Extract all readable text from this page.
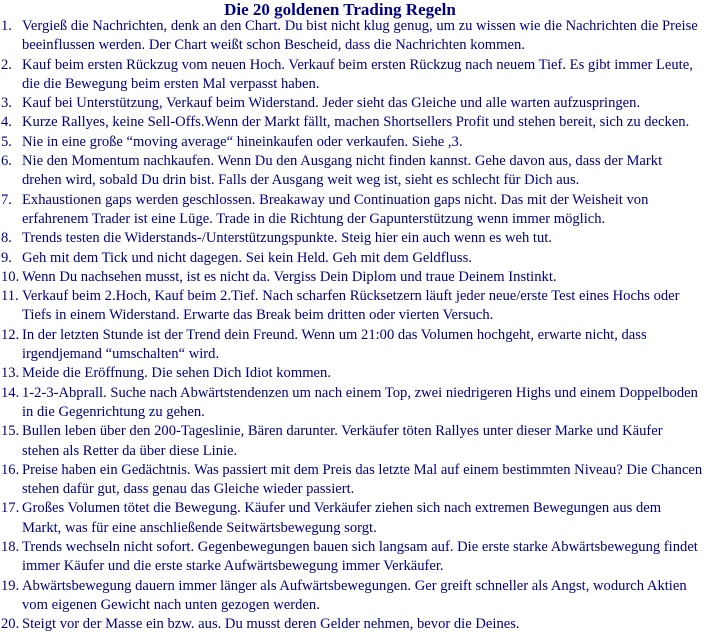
Die 20 goldenen Trading Regeln
1. Vergieß die Nachrichten, denk an den Chart. Du bist nicht klug genug, um zu wissen wie die Nachrichten die Preise
beeinflussen werden. Der Chart weißt schon Bescheid, dass die Nachrichten kommen.
2. Kauf beim ersten Rückzug vom neuen Hoch. Verkauf beim ersten Rückzug nach neuem Tief. Es gibt immer Leute,
die die Bewegung beim ersten Mal verpasst haben.
3. Kauf bei Unterstützung, Verkauf beim Widerstand. Jeder sieht das Gleiche und alle warten aufzuspringen.
4. Kurze Rallyes, keine Sell-Offs.Wenn der Markt fällt, machen Shortsellers Profit und stehen bereit, sich zu decken.
5. Nie in eine große “moving average“ hineinkaufen oder verkaufen. Siehe ,3.
6. Nie den Momentum nachkaufen. Wenn Du den Ausgang nicht finden kannst. Gehe davon aus, dass der Markt
drehen wird, sobald Du drin bist. Falls der Ausgang weit weg ist, sieht es schlecht für Dich aus.
7. Exhaustionen gaps werden geschlossen. Breakaway und Continuation gaps nicht. Das mit der Weisheit von
erfahrenem Trader ist eine Lüge. Trade in die Richtung der Gapunterstützung wenn immer möglich.
8. Trends testen die Widerstands-/Unterstützungspunkte. Steig hier ein auch wenn es weh tut.
9. Geh mit dem Tick und nicht dagegen. Sei kein Held. Geh mit dem Geldfluss.
10. Wenn Du nachsehen musst, ist es nicht da. Vergiss Dein Diplom und traue Deinem Instinkt.
11. Verkauf beim 2.Hoch, Kauf beim 2.Tief. Nach scharfen Rücksetzern läuft jeder neue/erste Test eines Hochs oder
Tiefs in einem Widerstand. Erwarte das Break beim dritten oder vierten Versuch.
12. In der letzten Stunde ist der Trend dein Freund. Wenn um 21:00 das Volumen hochgeht, erwarte nicht, dass
irgendjemand “umschalten“ wird.
13. Meide die Eröffnung. Die sehen Dich Idiot kommen.
14. 1-2-3-Abprall. Suche nach Abwärtstendenzen um nach einem Top, zwei niedrigeren Highs und einem Doppelboden
in die Gegenrichtung zu gehen.
15. Bullen leben über den 200-Tageslinie, Bären darunter. Verkäufer töten Rallyes unter dieser Marke und Käufer
stehen als Retter da über diese Linie.
16. Preise haben ein Gedächtnis. Was passiert mit dem Preis das letzte Mal auf einem bestimmten Niveau? Die Chancen
stehen dafür gut, dass genau das Gleiche wieder passiert.
17. Großes Volumen tötet die Bewegung. Käufer und Verkäufer ziehen sich nach extremen Bewegungen aus dem
Markt, was für eine anschließende Seitwärtsbewegung sorgt.
18. Trends wechseln nicht sofort. Gegenbewegungen bauen sich langsam auf. Die erste starke Abwärtsbewegung findet
immer Käufer und die erste starke Aufwärtsbewegung immer Verkäufer.
19. Abwärtsbewegung dauern immer länger als Aufwärtsbewegungen. Ger greift schneller als Angst, wodurch Aktien
vom eigenen Gewicht nach unten gezogen werden.
20. Steigt vor der Masse ein bzw. aus. Du musst deren Gelder nehmen, bevor die Deines.
